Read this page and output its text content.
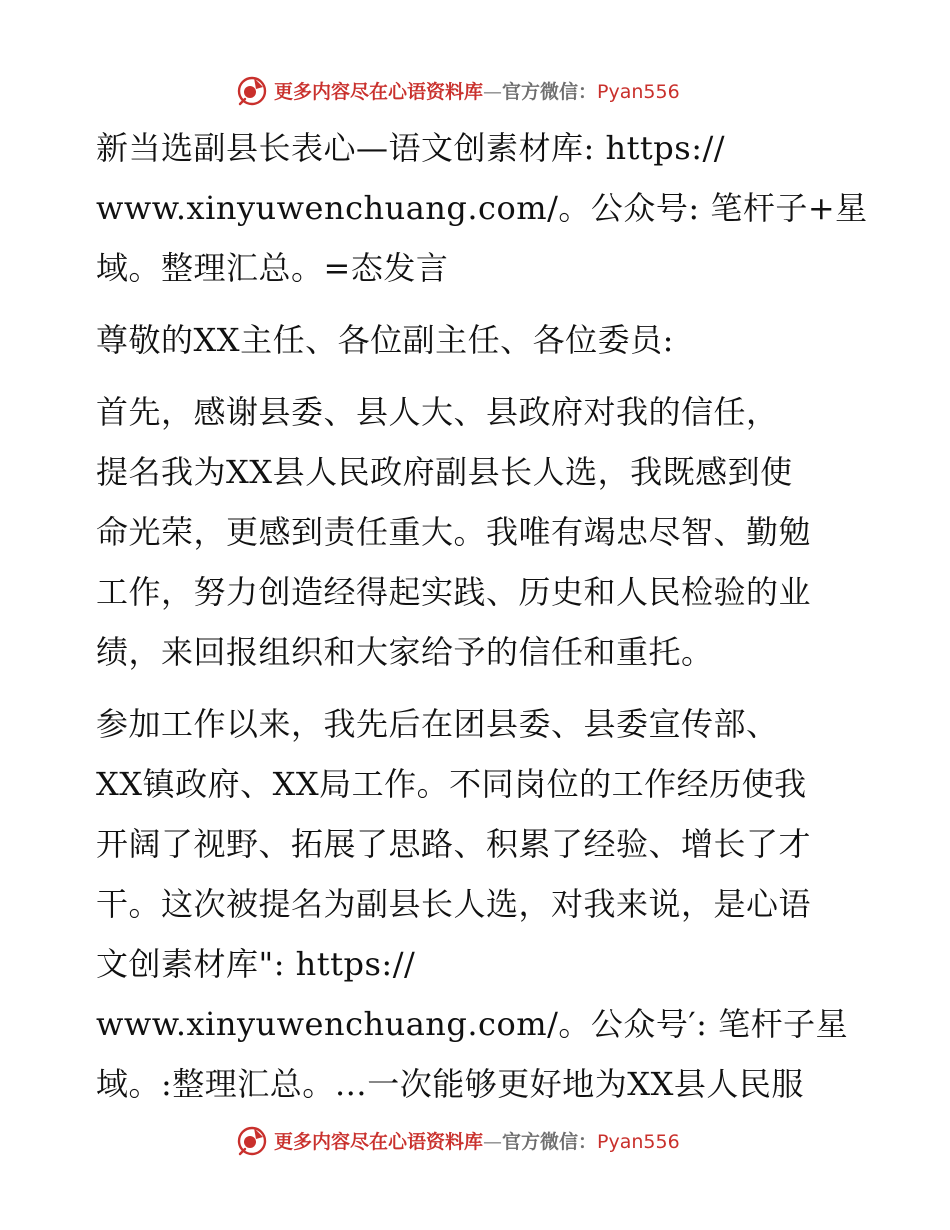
更多内容尽在心语资料库—官方微信：Pyan556
新当选副县长表心—语文创素材库: https://
www.xinyuwenchuang.com/。公众号: 笔杆子+星
域。整理汇总。=态发言
尊敬的XX主任、各位副主任、各位委员:
首先，感谢县委、县人大、县政府对我的信任，
提名我为XX县人民政府副县长人选，我既感到使
命光荣，更感到责任重大。我唯有竭忠尽智、勤勉
工作，努力创造经得起实践、历史和人民检验的业
绩，来回报组织和大家给予的信任和重托。
参加工作以来，我先后在团县委、县委宣传部、
XX镇政府、XX局工作。不同岗位的工作经历使我
开阔了视野、拓展了思路、积累了经验、增长了才
干。这次被提名为副县长人选，对我来说，是心语
文创素材库": https://
www.xinyuwenchuang.com/。公众号′: 笔杆子星
域。:整理汇总。…一次能够更好地为XX县人民服
更多内容尽在心语资料库—官方微信：Pyan556
